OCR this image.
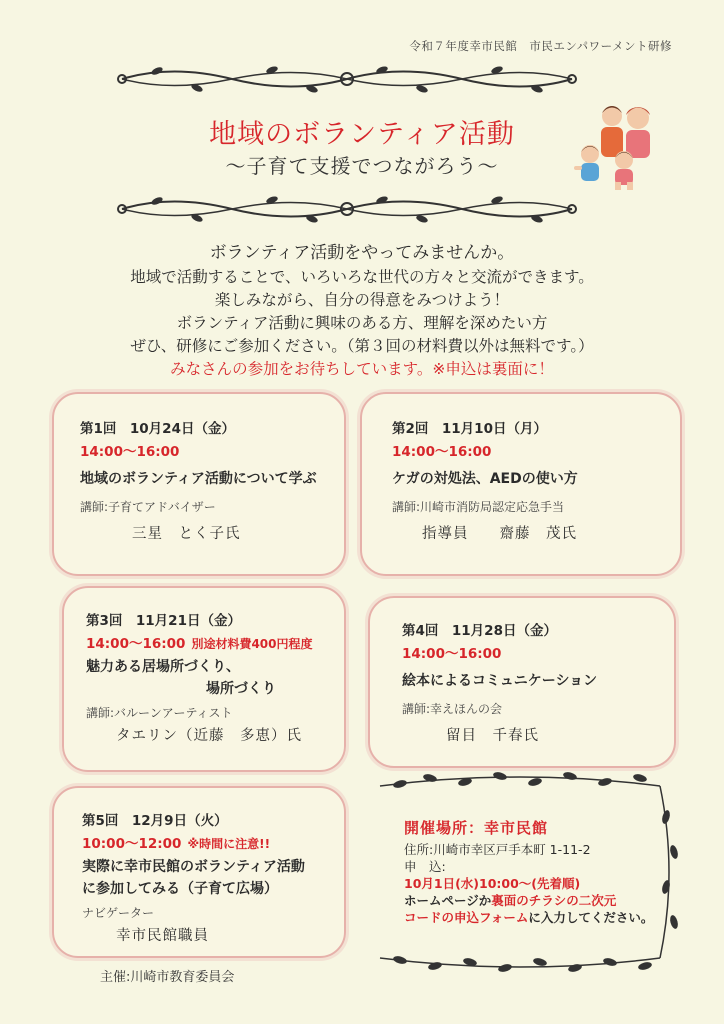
令和７年度幸市民館　市民エンパワーメント研修
地域のボランティア活動
～子育て支援でつながろう～
ボランティア活動をやってみませんか。
地域で活動することで、いろいろな世代の方々と交流ができます。
楽しみながら、自分の得意をみつけよう！
ボランティア活動に興味のある方、理解を深めたい方
ぜひ、研修にご参加ください。（第３回の材料費以外は無料です。）
みなさんの参加をお待ちしています。※申込は裏面に！
第1回　10月24日（金）
14:00～16:00
地域のボランティア活動について学ぶ
講師:子育てアドバイザー
三星　とく子氏
第2回　11月10日（月）
14:00～16:00
ケガの対処法、AEDの使い方
講師:川崎市消防局認定応急手当
指導員　　齋藤　茂氏
第3回　11月21日（金）
14:00～16:00 別途材料費400円程度
魅力ある居場所づくり、
場所づくり
講師:バルーンアーティスト
タエリン（近藤　多恵）氏
第4回　11月28日（金）
14:00～16:00
絵本によるコミュニケーション
講師:幸えほんの会
留目　千春氏
第5回　12月9日（火）
10:00～12:00 ※時間に注意!!
実際に幸市民館のボランティア活動
に参加してみる（子育て広場）
ナビゲーター
幸市民館職員
開催場所：幸市民館
住所:川崎市幸区戸手本町 1-11-2
申　込:
10月1日(水)10:00～(先着順)
ホームページか裏面のチラシの二次元
コードの申込フォームに入力してください。
主催:川崎市教育委員会
